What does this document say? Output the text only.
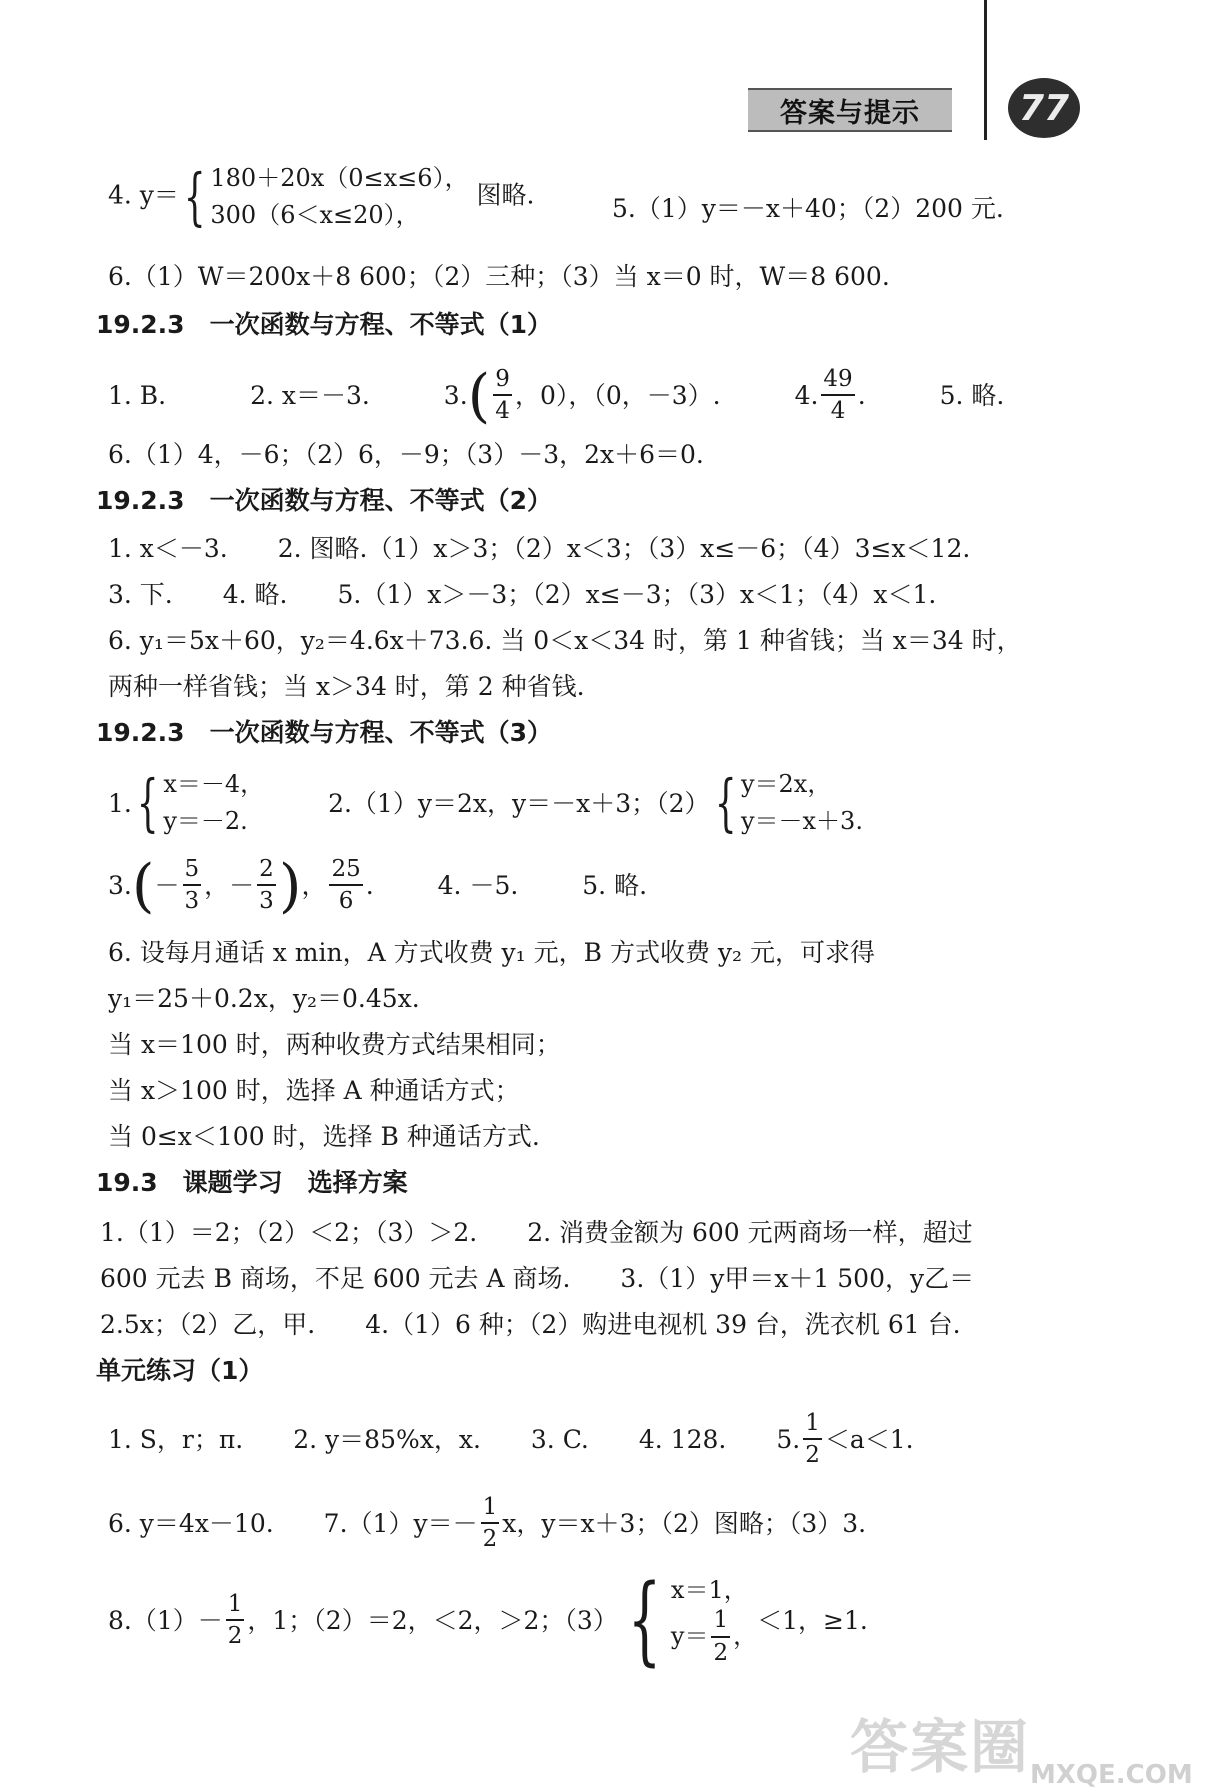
答案与提示	77
4. y＝{ 180＋20x（0≤x≤6），
300（6＜x≤20），
图略.	5.（1）y＝－x＋40；（2）200 元.
6.（1）W＝200x＋8 600；（2）三种；（3）当 x＝0 时，W＝8 600.
19.2.3　一次函数与方程、不等式（1）
1. B.	2. x＝－3.	$3.( \frac{9}{4}$ ，0），（0，－3）.	4. $\frac{49}{4}$ .	5. 略.
6.（1）4，－6；（2）6，－9；（3）－3，2x＋6＝0.
19.2.3　一次函数与方程、不等式（2）
1. x＜－3.　　2. 图略.（1）x＞3；（2）x＜3；（3）x≤－6；（4）3≤x＜12.
3. 下.　　4. 略.　　5.（1）x＞－3；（2）x≤－3；（3）x＜1；（4）x＜1.
6. y₁＝5x＋60，y₂＝4.6x＋73.6. 当 0＜x＜34 时，第 1 种省钱；当 x＝34 时，
两种一样省钱；当 x＞34 时，第 2 种省钱.
19.2.3　一次函数与方程、不等式（3）
1.{ x＝－4，
y＝－2.
2.（1）y＝2x，y＝－x＋3；（2）{ y＝2x，
y＝－x＋3.
$3.(- \frac{5}{3}$ ，－ $\frac{2}{3}$ )， $\frac{25}{6}$ .	4. －5.	5. 略.
6. 设每月通话 x min，A 方式收费 y₁ 元，B 方式收费 y₂ 元，可求得
y₁＝25＋0.2x，y₂＝0.45x.
当 x＝100 时，两种收费方式结果相同；
当 x＞100 时，选择 A 种通话方式；
当 0≤x＜100 时，选择 B 种通话方式.
19.3　课题学习　选择方案
1.（1）＝2；（2）＜2；（3）＞2.　　2. 消费金额为 600 元两商场一样，超过
600 元去 B 商场，不足 600 元去 A 商场.　　3.（1）y甲＝x＋1 500，y乙＝
2.5x；（2）乙，甲.　　4.（1）6 种；（2）购进电视机 39 台，洗衣机 61 台.
单元练习（1）
1. S，r；π.　　2. y＝85%x，x.　　3. C.　　4. 128.　　5. $\frac{1}{2} <a<1$.
6. y＝4x－10.　　$7.(1)y=- \frac{1}{2}$ x，y＝x＋3；（2）图略；（3）3.
$8.(1)- \frac{1}{2}$ ，1；（2）＝2，＜2，＞2；（3） { x＝1，
$y= \frac{1}{2}$ ，
＜1，≥1.
答案圈 MXQE.COM
